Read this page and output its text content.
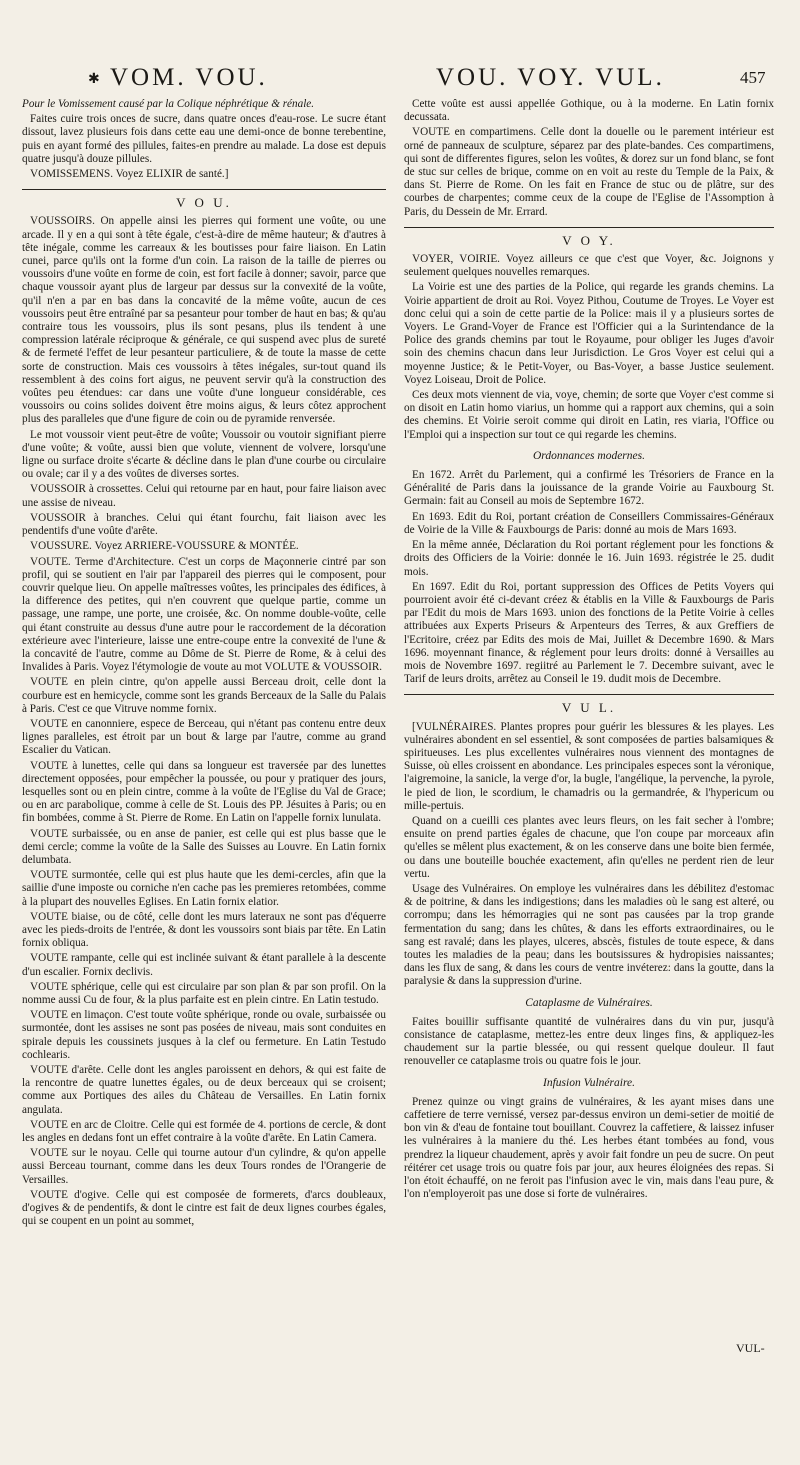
✱ VOM. VOU.	VOU. VOY. VUL.	457

Pour le Vomissement causé par la Colique néphrétique & rénale.

Faites cuire trois onces de sucre, dans quatre onces d'eau-rose. Le sucre étant dissout, lavez plusieurs fois dans cette eau une demi-once de bonne terebentine, puis en ayant formé des pillules, faites-en prendre au malade. La dose est depuis quatre jusqu'à douze pillules.

VOMISSEMENS. Voyez ELIXIR de santé.]

V O U.

VOUSSOIRS. On appelle ainsi les pierres qui forment une voûte, ou une arcade. Il y en a qui sont à tête égale, c'est-à-dire de même hauteur; & d'autres à tête inégale, comme les carreaux & les boutisses pour faire liaison. En Latin cunei, parce qu'ils ont la forme d'un coin. La raison de la taille de pierres ou voussoirs d'une voûte en forme de coin, est fort facile à donner; savoir, parce que chaque voussoir ayant plus de largeur par dessus sur la convexité de la voûte, qu'il n'en a par en bas dans la concavité de la même voûte, aucun de ces voussoirs peut être entraîné par sa pesanteur pour tomber de haut en bas; & qu'au contraire tous les voussoirs, plus ils sont pesans, plus ils tendent à une compression latérale réciproque & générale, ce qui suspend avec plus de sureté & de fermeté l'effet de leur pesanteur particuliere, & de toute la masse de cette sorte de construction. Mais ces voussoirs à têtes inégales, sur-tout quand ils ressemblent à des coins fort aigus, ne peuvent servir qu'à la construction des voûtes peu étendues: car dans une voûte d'une longueur considérable, ces voussoirs ou coins solides doivent être moins aigus, & leurs côtez approchent plus des paralleles que d'une figure de coin ou de pyramide renversée.

Le mot voussoir vient peut-être de voûte; Voussoir ou voutoir signifiant pierre d'une voûte; & voûte, aussi bien que volute, viennent de volvere, lorsqu'une ligne ou surface droite s'écarte & décline dans le plan d'une courbe ou circulaire ou ovale; car il y a des voûtes de diverses sortes.

VOUSSOIR à crossettes. Celui qui retourne par en haut, pour faire liaison avec une assise de niveau.

VOUSSOIR à branches. Celui qui étant fourchu, fait liaison avec les pendentifs d'une voûte d'arête.

VOUSSURE. Voyez ARRIERE-VOUSSURE & MONTÉE.

VOUTE. Terme d'Architecture. C'est un corps de Maçonnerie cintré par son profil, qui se soutient en l'air par l'appareil des pierres qui le composent, pour couvrir quelque lieu. On appelle maîtresses voûtes, les principales des édifices, à la difference des petites, qui n'en couvrent que quelque partie, comme un passage, une rampe, une porte, une croisée, &c. On nomme double-voûte, celle qui étant construite au dessus d'une autre pour le raccordement de la décoration extérieure avec l'interieure, laisse une entre-coupe entre la convexité de l'une & la concavité de l'autre, comme au Dôme de St. Pierre de Rome, & à celui des Invalides à Paris. Voyez l'étymologie de voute au mot VOLUTE & VOUSSOIR.

VOUTE en plein cintre, qu'on appelle aussi Berceau droit, celle dont la courbure est en hemicycle, comme sont les grands Berceaux de la Salle du Palais à Paris. C'est ce que Vitruve nomme fornix.

VOUTE en canonniere, espece de Berceau, qui n'étant pas contenu entre deux lignes paralleles, est étroit par un bout & large par l'autre, comme au grand Escalier du Vatican.

VOUTE à lunettes, celle qui dans sa longueur est traversée par des lunettes directement opposées, pour empêcher la poussée, ou pour y pratiquer des jours, lesquelles sont ou en plein cintre, comme à la voûte de l'Eglise du Val de Grace; ou en arc parabolique, comme à celle de St. Louis des PP. Jésuites à Paris; ou en fin bombées, comme à St. Pierre de Rome. En Latin on l'appelle fornix lunulata.

VOUTE surbaissée, ou en anse de panier, est celle qui est plus basse que le demi cercle; comme la voûte de la Salle des Suisses au Louvre. En Latin fornix delumbata.

VOUTE surmontée, celle qui est plus haute que les demi-cercles, afin que la saillie d'une imposte ou corniche n'en cache pas les premieres retombées, comme à la plupart des nouvelles Eglises. En Latin fornix elatior.

VOUTE biaise, ou de côté, celle dont les murs lateraux ne sont pas d'équerre avec les pieds-droits de l'entrée, & dont les voussoirs sont biais par tête. En Latin fornix obliqua.

VOUTE rampante, celle qui est inclinée suivant & étant parallele à la descente d'un escalier. Fornix declivis.

VOUTE sphérique, celle qui est circulaire par son plan & par son profil. On la nomme aussi Cu de four, & la plus parfaite est en plein cintre. En Latin testudo.

VOUTE en limaçon. C'est toute voûte sphérique, ronde ou ovale, surbaissée ou surmontée, dont les assises ne sont pas posées de niveau, mais sont conduites en spirale depuis les coussinets jusques à la clef ou fermeture. En Latin Testudo cochlearis.

VOUTE d'arête. Celle dont les angles paroissent en dehors, & qui est faite de la rencontre de quatre lunettes égales, ou de deux berceaux qui se croisent; comme aux Portiques des ailes du Château de Versailles. En Latin fornix angulata.

VOUTE en arc de Cloitre. Celle qui est formée de 4. portions de cercle, & dont les angles en dedans font un effet contraire à la voûte d'arête. En Latin Camera.

VOUTE sur le noyau. Celle qui tourne autour d'un cylindre, & qu'on appelle aussi Berceau tournant, comme dans les deux Tours rondes de l'Orangerie de Versailles.

VOUTE d'ogive. Celle qui est composée de formerets, d'arcs doubleaux, d'ogives & de pendentifs, & dont le cintre est fait de deux lignes courbes égales, qui se coupent en un point au sommet,

Cette voûte est aussi appellée Gothique, ou à la moderne. En Latin fornix decussata.

VOUTE en compartimens. Celle dont la douelle ou le parement intérieur est orné de panneaux de sculpture, séparez par des plate-bandes. Ces compartimens, qui sont de differentes figures, selon les voûtes, & dorez sur un fond blanc, se font de stuc sur celles de brique, comme on en voit au reste du Temple de la Paix, & dans St. Pierre de Rome. On les fait en France de stuc ou de plâtre, sur des courbes de charpentes; comme ceux de la coupe de l'Eglise de l'Assomption à Paris, du Dessein de Mr. Errard.

V O Y.

VOYER, VOIRIE. Voyez ailleurs ce que c'est que Voyer, &c. Joignons y seulement quelques nouvelles remarques.

La Voirie est une des parties de la Police, qui regarde les grands chemins. La Voirie appartient de droit au Roi. Voyez Pithou, Coutume de Troyes. Le Voyer est donc celui qui a soin de cette partie de la Police: mais il y a plusieurs sortes de Voyers. Le Grand-Voyer de France est l'Officier qui a la Surintendance de la Police des grands chemins par tout le Royaume, pour obliger les Juges d'avoir soin des chemins chacun dans leur Jurisdiction. Le Gros Voyer est celui qui a moyenne Justice; & le Petit-Voyer, ou Bas-Voyer, a basse Justice seulement. Voyez Loiseau, Droit de Police.

Ces deux mots viennent de via, voye, chemin; de sorte que Voyer c'est comme si on disoit en Latin homo viarius, un homme qui a rapport aux chemins, qui a soin des chemins. Et Voirie seroit comme qui diroit en Latin, res viaria, l'Office ou l'Emploi qui a inspection sur tout ce qui regarde les chemins.

Ordonnances modernes.

En 1672. Arrêt du Parlement, qui a confirmé les Trésoriers de France en la Généralité de Paris dans la jouissance de la grande Voirie au Fauxbourg St. Germain: fait au Conseil au mois de Septembre 1672.

En 1693. Edit du Roi, portant création de Conseillers Commissaires-Généraux de Voirie de la Ville & Fauxbourgs de Paris: donné au mois de Mars 1693.

En la même année, Déclaration du Roi portant réglement pour les fonctions & droits des Officiers de la Voirie: donnée le 16. Juin 1693. régistrée le 25. dudit mois.

En 1697. Edit du Roi, portant suppression des Offices de Petits Voyers qui pourroient avoir été ci-devant créez & établis en la Ville & Fauxbourgs de Paris par l'Edit du mois de Mars 1693. union des fonctions de la Petite Voirie à celles attribuées aux Experts Priseurs & Arpenteurs des Terres, & aux Greffiers de l'Ecritoire, créez par Edits des mois de Mai, Juillet & Decembre 1690. & Mars 1696. moyennant finance, & réglement pour leurs droits: donné à Versailles au mois de Novembre 1697. regiitré au Parlement le 7. Decembre suivant, avec le Tarif de leurs droits, arrêtez au Conseil le 19. dudit mois de Decembre.

V U L.

[VULNÉRAIRES. Plantes propres pour guérir les blessures & les playes. Les vulnéraires abondent en sel essentiel, & sont composées de parties balsamiques & spiritueuses. Les plus excellentes vulnéraires nous viennent des montagnes de Suisse, où elles croissent en abondance. Les principales especes sont la véronique, l'aigremoine, la sanicle, la verge d'or, la bugle, l'angélique, la pervenche, la pyrole, le pied de lion, le scordium, le chamadris ou la germandrée, & l'hypericum ou mille-pertuis.

Quand on a cueilli ces plantes avec leurs fleurs, on les fait secher à l'ombre; ensuite on prend parties égales de chacune, que l'on coupe par morceaux afin qu'elles se mêlent plus exactement, & on les conserve dans une boite bien fermée, ou dans une bouteille bouchée exactement, afin qu'elles ne perdent rien de leur vertu.

Usage des Vulnéraires. On employe les vulnéraires dans les débilitez d'estomac & de poitrine, & dans les indigestions; dans les maladies où le sang est alteré, ou corrompu; dans les hémorragies qui ne sont pas causées par la trop grande fermentation du sang; dans les chûtes, & dans les efforts extraordinaires, ou le sang est ravalé; dans les playes, ulceres, abscès, fistules de toute espece, & dans toutes les maladies de la peau; dans les boutsissures & hydropisies naissantes; dans les flux de sang, & dans les cours de ventre invéterez: dans la goutte, dans la paralysie & dans la suppression d'urine.

Cataplasme de Vulnéraires.

Faites bouillir suffisante quantité de vulnéraires dans du vin pur, jusqu'à consistance de cataplasme, mettez-les entre deux linges fins, & appliquez-les chaudement sur la partie blessée, ou qui ressent quelque douleur. Il faut renouveller ce cataplasme trois ou quatre fois le jour.

Infusion Vulnéraire.

Prenez quinze ou vingt grains de vulnéraires, & les ayant mises dans une caffetiere de terre vernissé, versez par-dessus environ un demi-setier de moitié de bon vin & d'eau de fontaine tout bouillant. Couvrez la caffetiere, & laissez infuser les vulnéraires à la maniere du thé. Les herbes étant tombées au fond, vous prendrez la liqueur chaudement, après y avoir fait fondre un peu de sucre. On peut réitérer cet usage trois ou quatre fois par jour, aux heures éloignées des repas. Si l'on étoit échauffé, on ne feroit pas l'infusion avec le vin, mais dans l'eau pure, & l'on n'employeroit pas une dose si forte de vulnéraires.

VUL-
